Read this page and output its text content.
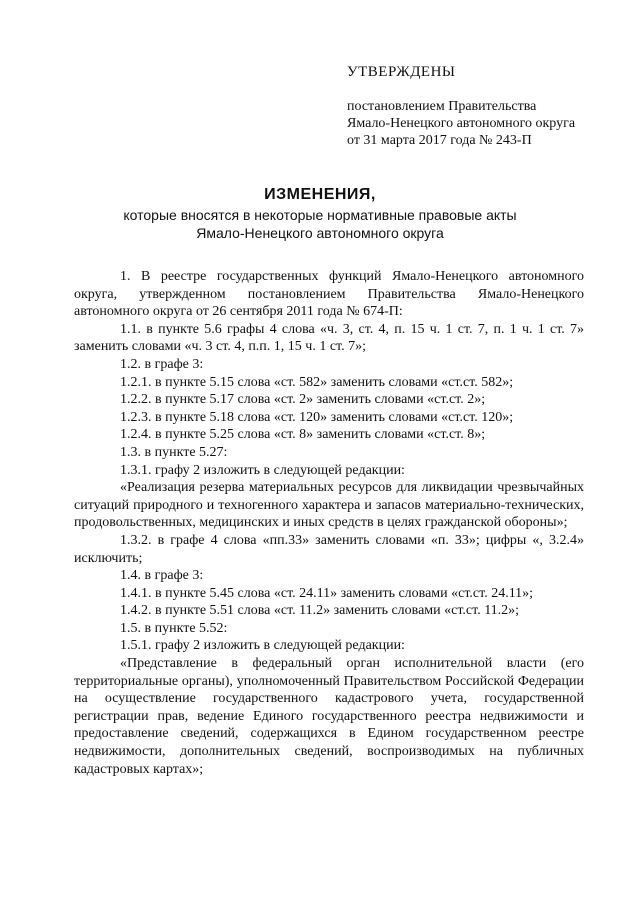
УТВЕРЖДЕНЫ
постановлением Правительства
Ямало-Ненецкого автономного округа
от 31 марта 2017 года № 243-П
ИЗМЕНЕНИЯ,
которые вносятся в некоторые нормативные правовые акты
Ямало-Ненецкого автономного округа

1. В реестре государственных функций Ямало-Ненецкого автономного округа, утвержденном постановлением Правительства Ямало-Ненецкого автономного округа от 26 сентября 2011 года № 674-П:

1.1. в пункте 5.6 графы 4 слова «ч. 3, ст. 4, п. 15 ч. 1 ст. 7, п. 1 ч. 1 ст. 7» заменить словами «ч. 3 ст. 4, п.п. 1, 15 ч. 1 ст. 7»;

1.2. в графе 3:

1.2.1. в пункте 5.15 слова «ст. 582» заменить словами «ст.ст. 582»;

1.2.2. в пункте 5.17 слова «ст. 2» заменить словами «ст.ст. 2»;

1.2.3. в пункте 5.18 слова «ст. 120» заменить словами «ст.ст. 120»;

1.2.4. в пункте 5.25 слова «ст. 8» заменить словами «ст.ст. 8»;

1.3. в пункте 5.27:

1.3.1. графу 2 изложить в следующей редакции:

«Реализация резерва материальных ресурсов для ликвидации чрезвычайных ситуаций природного и техногенного характера и запасов материально-технических, продовольственных, медицинских и иных средств в целях гражданской обороны»;

1.3.2. в графе 4 слова «пп.33» заменить словами «п. 33»; цифры «, 3.2.4» исключить;

1.4. в графе 3:

1.4.1. в пункте 5.45 слова «ст. 24.11» заменить словами «ст.ст. 24.11»;

1.4.2. в пункте 5.51 слова «ст. 11.2» заменить словами «ст.ст. 11.2»;

1.5. в пункте 5.52:

1.5.1. графу 2 изложить в следующей редакции:

«Представление в федеральный орган исполнительной власти (его территориальные органы), уполномоченный Правительством Российской Федерации на осуществление государственного кадастрового учета, государственной регистрации прав, ведение Единого государственного реестра недвижимости и предоставление сведений, содержащихся в Едином государственном реестре недвижимости, дополнительных сведений, воспроизводимых на публичных кадастровых картах»;
